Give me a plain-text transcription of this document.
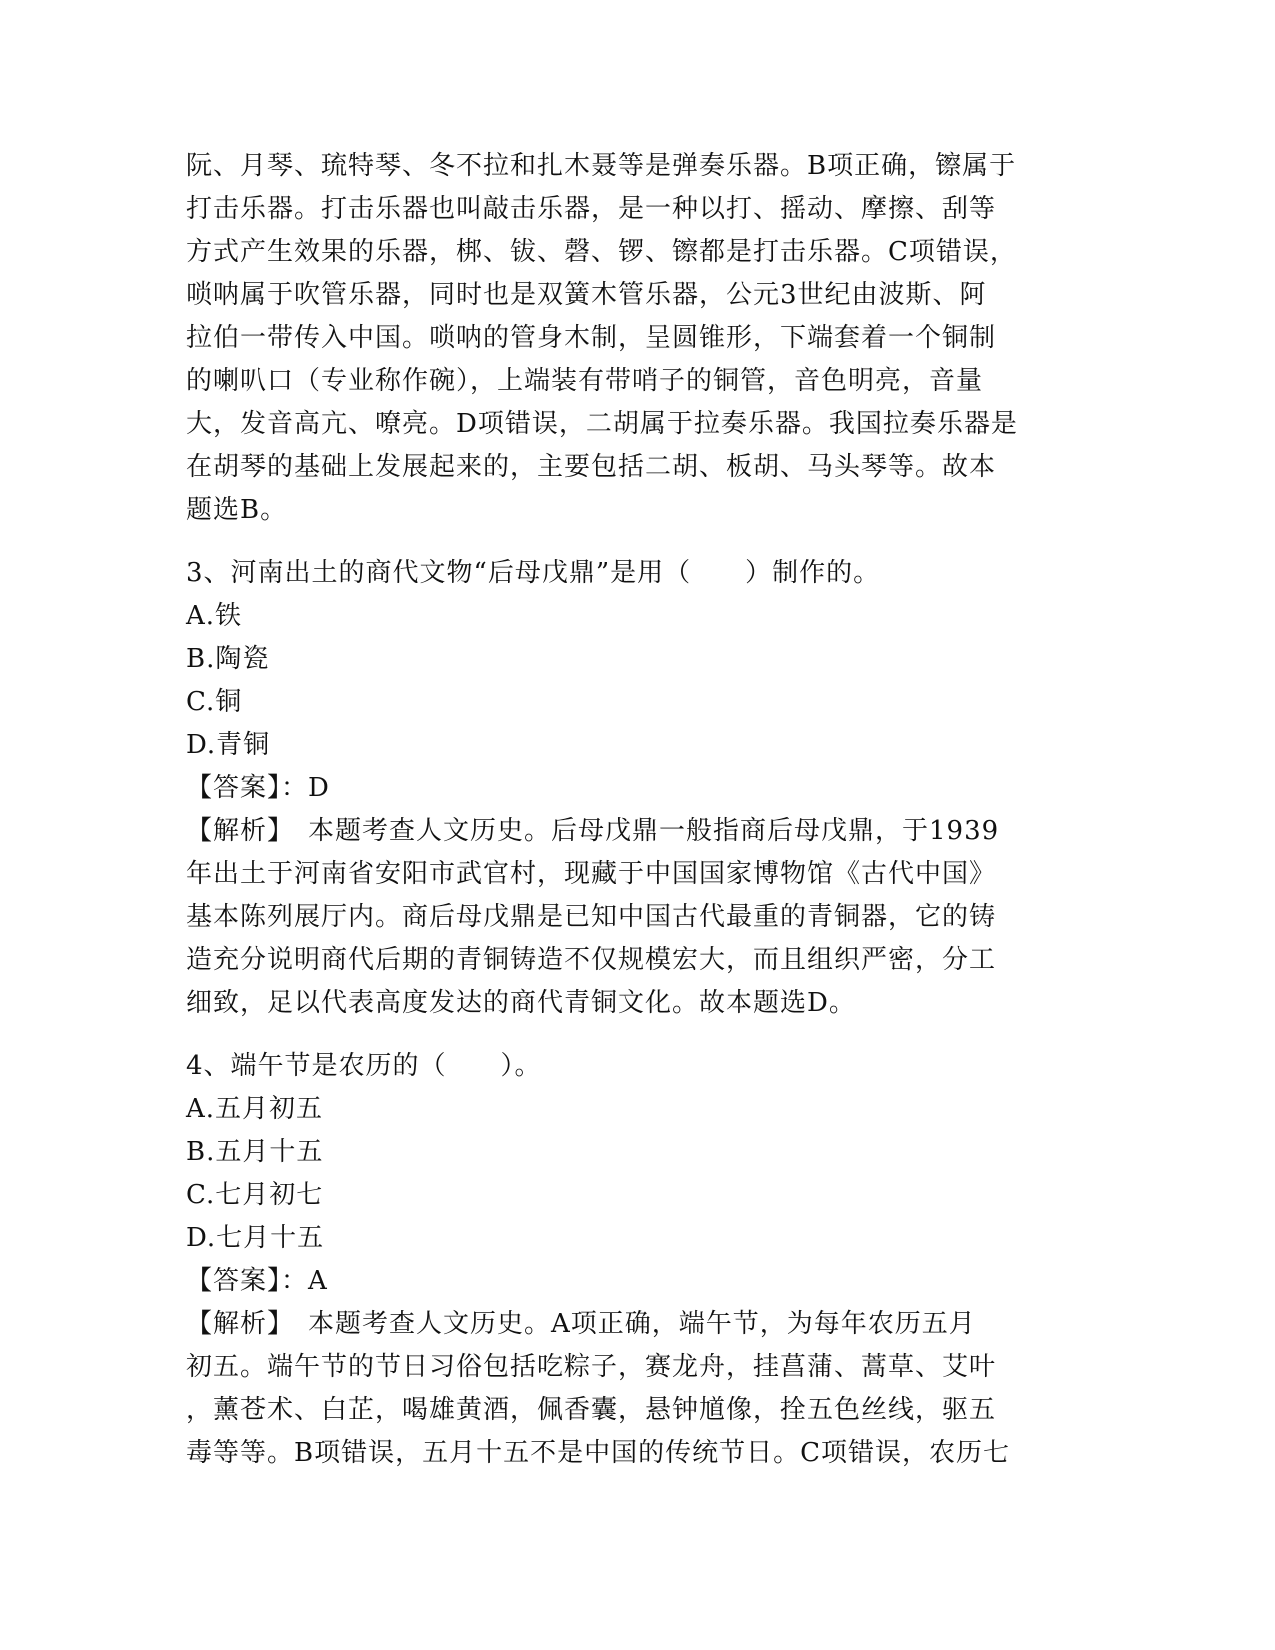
阮、月琴、琉特琴、冬不拉和扎木聂等是弹奏乐器。B项正确，镲属于
打击乐器。打击乐器也叫敲击乐器，是一种以打、摇动、摩擦、刮等
方式产生效果的乐器，梆、钹、磬、锣、镲都是打击乐器。C项错误，
唢呐属于吹管乐器，同时也是双簧木管乐器，公元3世纪由波斯、阿
拉伯一带传入中国。唢呐的管身木制，呈圆锥形，下端套着一个铜制
的喇叭口（专业称作碗），上端装有带哨子的铜管，音色明亮，音量
大，发音高亢、嘹亮。D项错误，二胡属于拉奏乐器。我国拉奏乐器是
在胡琴的基础上发展起来的，主要包括二胡、板胡、马头琴等。故本
题选B。
3、河南出土的商代文物“后母戊鼎”是用（　　）制作的。
A.铁
B.陶瓷
C.铜
D.青铜
【答案】：D
【解析】　本题考查人文历史。后母戊鼎一般指商后母戊鼎，于1939
年出土于河南省安阳市武官村，现藏于中国国家博物馆《古代中国》
基本陈列展厅内。商后母戊鼎是已知中国古代最重的青铜器，它的铸
造充分说明商代后期的青铜铸造不仅规模宏大，而且组织严密，分工
细致，足以代表高度发达的商代青铜文化。故本题选D。
4、端午节是农历的（　　）。
A.五月初五
B.五月十五
C.七月初七
D.七月十五
【答案】：A
【解析】　本题考查人文历史。A项正确，端午节，为每年农历五月
初五。端午节的节日习俗包括吃粽子，赛龙舟，挂菖蒲、蒿草、艾叶
，薰苍术、白芷，喝雄黄酒，佩香囊，悬钟馗像，拴五色丝线，驱五
毒等等。B项错误，五月十五不是中国的传统节日。C项错误，农历七
